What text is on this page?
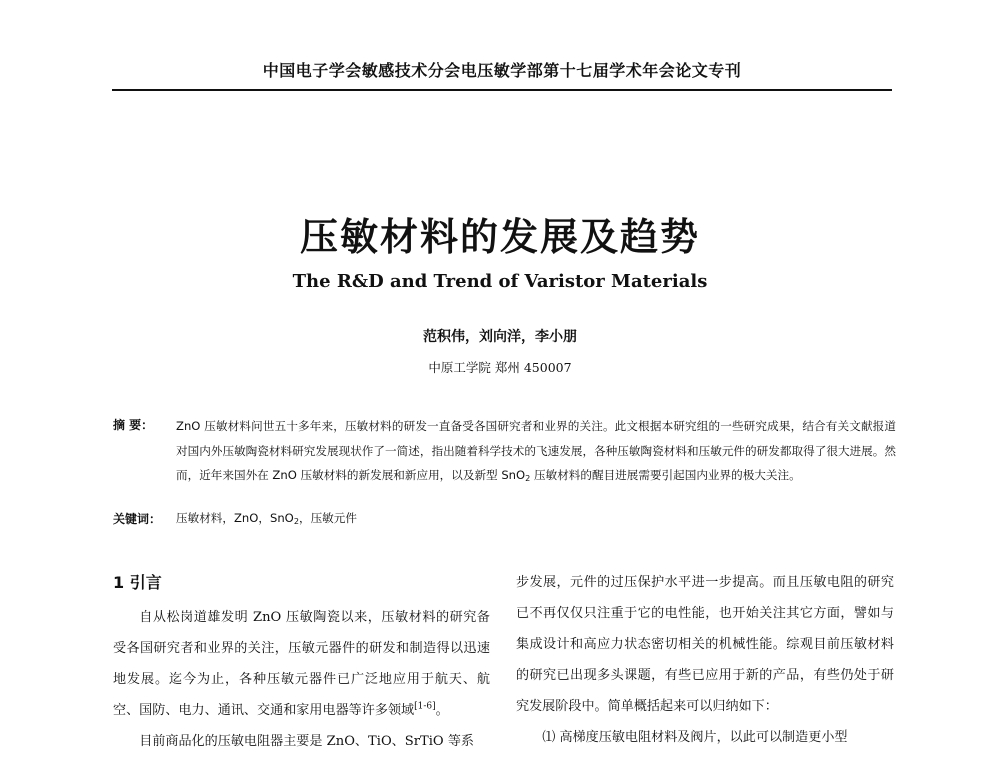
中国电子学会敏感技术分会电压敏学部第十七届学术年会论文专刊
压敏材料的发展及趋势
The R&D and Trend of Varistor Materials
范积伟，刘向洋，李小朋
中原工学院 郑州 450007
摘 要： ZnO 压敏材料问世五十多年来，压敏材料的研发一直备受各国研究者和业界的关注。此文根据本研究组的一些研究成果，结合有关文献报道对国内外压敏陶瓷材料研究发展现状作了一简述，指出随着科学技术的飞速发展，各种压敏陶瓷材料和压敏元件的研发都取得了很大进展。然而，近年来国外在 ZnO 压敏材料的新发展和新应用，以及新型 SnO$_2$ 压敏材料的醒目进展需要引起国内业界的极大关注。
关键词： 压敏材料，ZnO，SnO$_2$，压敏元件
1 引言

自从松岗道雄发明 ZnO 压敏陶瓷以来，压敏材料的研究备受各国研究者和业界的关注，压敏元器件的研发和制造得以迅速地发展。迄今为止，各种压敏元器件已广泛地应用于航天、航空、国防、电力、通讯、交通和家用电器等许多领域[1-6]。

目前商品化的压敏电阻器主要是 ZnO、TiO、SrTiO 等系

步发展，元件的过压保护水平进一步提高。而且压敏电阻的研究已不再仅仅只注重于它的电性能，也开始关注其它方面，譬如与集成设计和高应力状态密切相关的机械性能。综观目前压敏材料的研究已出现多头课题，有些已应用于新的产品，有些仍处于研究发展阶段中。简单概括起来可以归纳如下：

⑴ 高梯度压敏电阻材料及阀片，以此可以制造更小型
